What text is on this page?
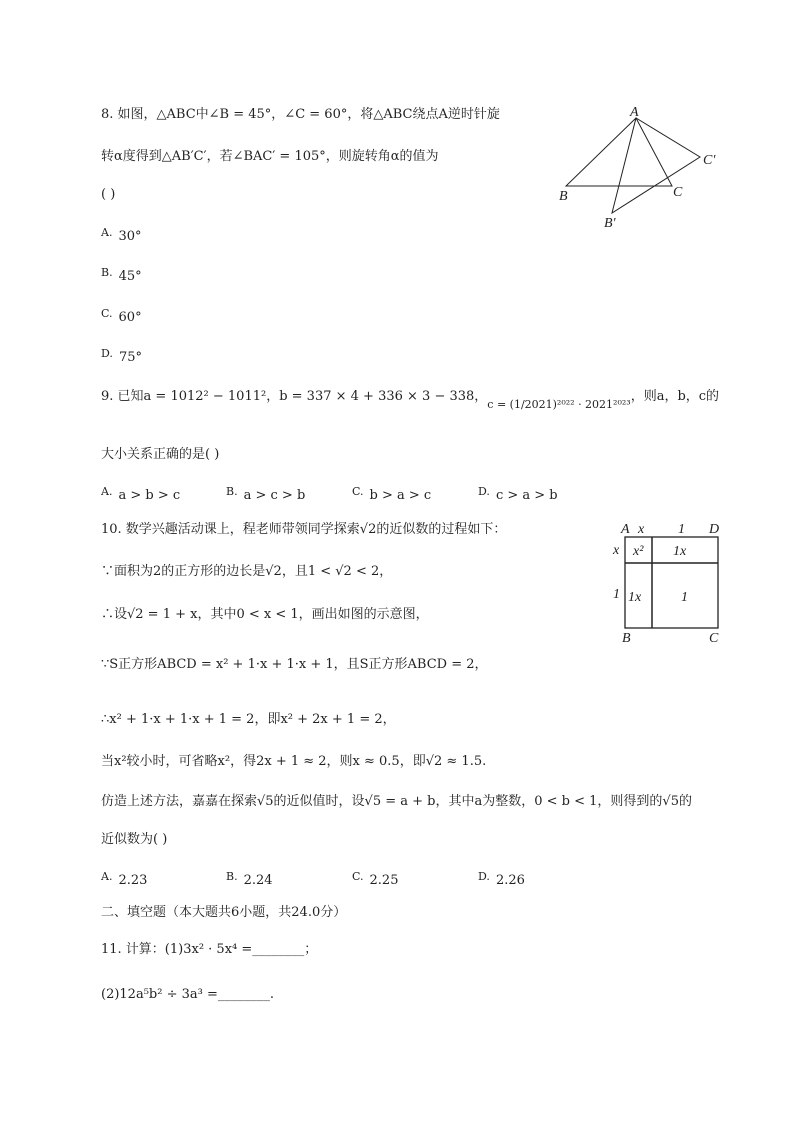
8. 如图，△ABC中∠B = 45°，∠C = 60°，将△ABC绕点A逆时针旋
转α度得到△AB′C′，若∠BAC′ = 105°，则旋转角α的值为
( )
$^{A.}$ 30°
$^{B.}$ 45°
$^{C.}$ 60°
$^{D.}$ 75°
A
B	C
B′
C′
9. 已知a = 1012² − 1011²，b = 337 × 4 + 336 × 3 − 338，$_{c = (1/2021)^{2022} \cdot 2021^{2023}}$，则a，b，c的
大小关系正确的是( )
$^{A.}$ a > b > c	$^{B.}$ a > c > b	$^{C.}$ b > a > c	$^{D.}$ c > a > b
10. 数学兴趣活动课上，程老师带领同学探索√2的近似数的过程如下：
∵面积为2的正方形的边长是√2，且1 < √2 < 2，
∴设√2 = 1 + x，其中0 < x < 1，画出如图的示意图，
∵S正方形ABCD = x² + 1·x + 1·x + 1，且S正方形ABCD = 2，
∴x² + 1·x + 1·x + 1 = 2，即x² + 2x + 1 = 2，
当x²较小时，可省略x²，得2x + 1 ≈ 2，则x ≈ 0.5，即√2 ≈ 1.5.
仿造上述方法，嘉嘉在探索√5的近似值时，设√5 = a + b，其中a为整数，0 < b < 1，则得到的√5的
近似数为( )
$^{A.}$ 2.23	$^{B.}$ 2.24	$^{C.}$ 2.25	$^{D.}$ 2.26
A x 1 D
x
1
x² 1x
1x	1
B	C
二、填空题（本大题共6小题，共24.0分）
11. 计算：(1)3x² · 5x⁴ =________；
(2)12a⁵b² ÷ 3a³ =________.
